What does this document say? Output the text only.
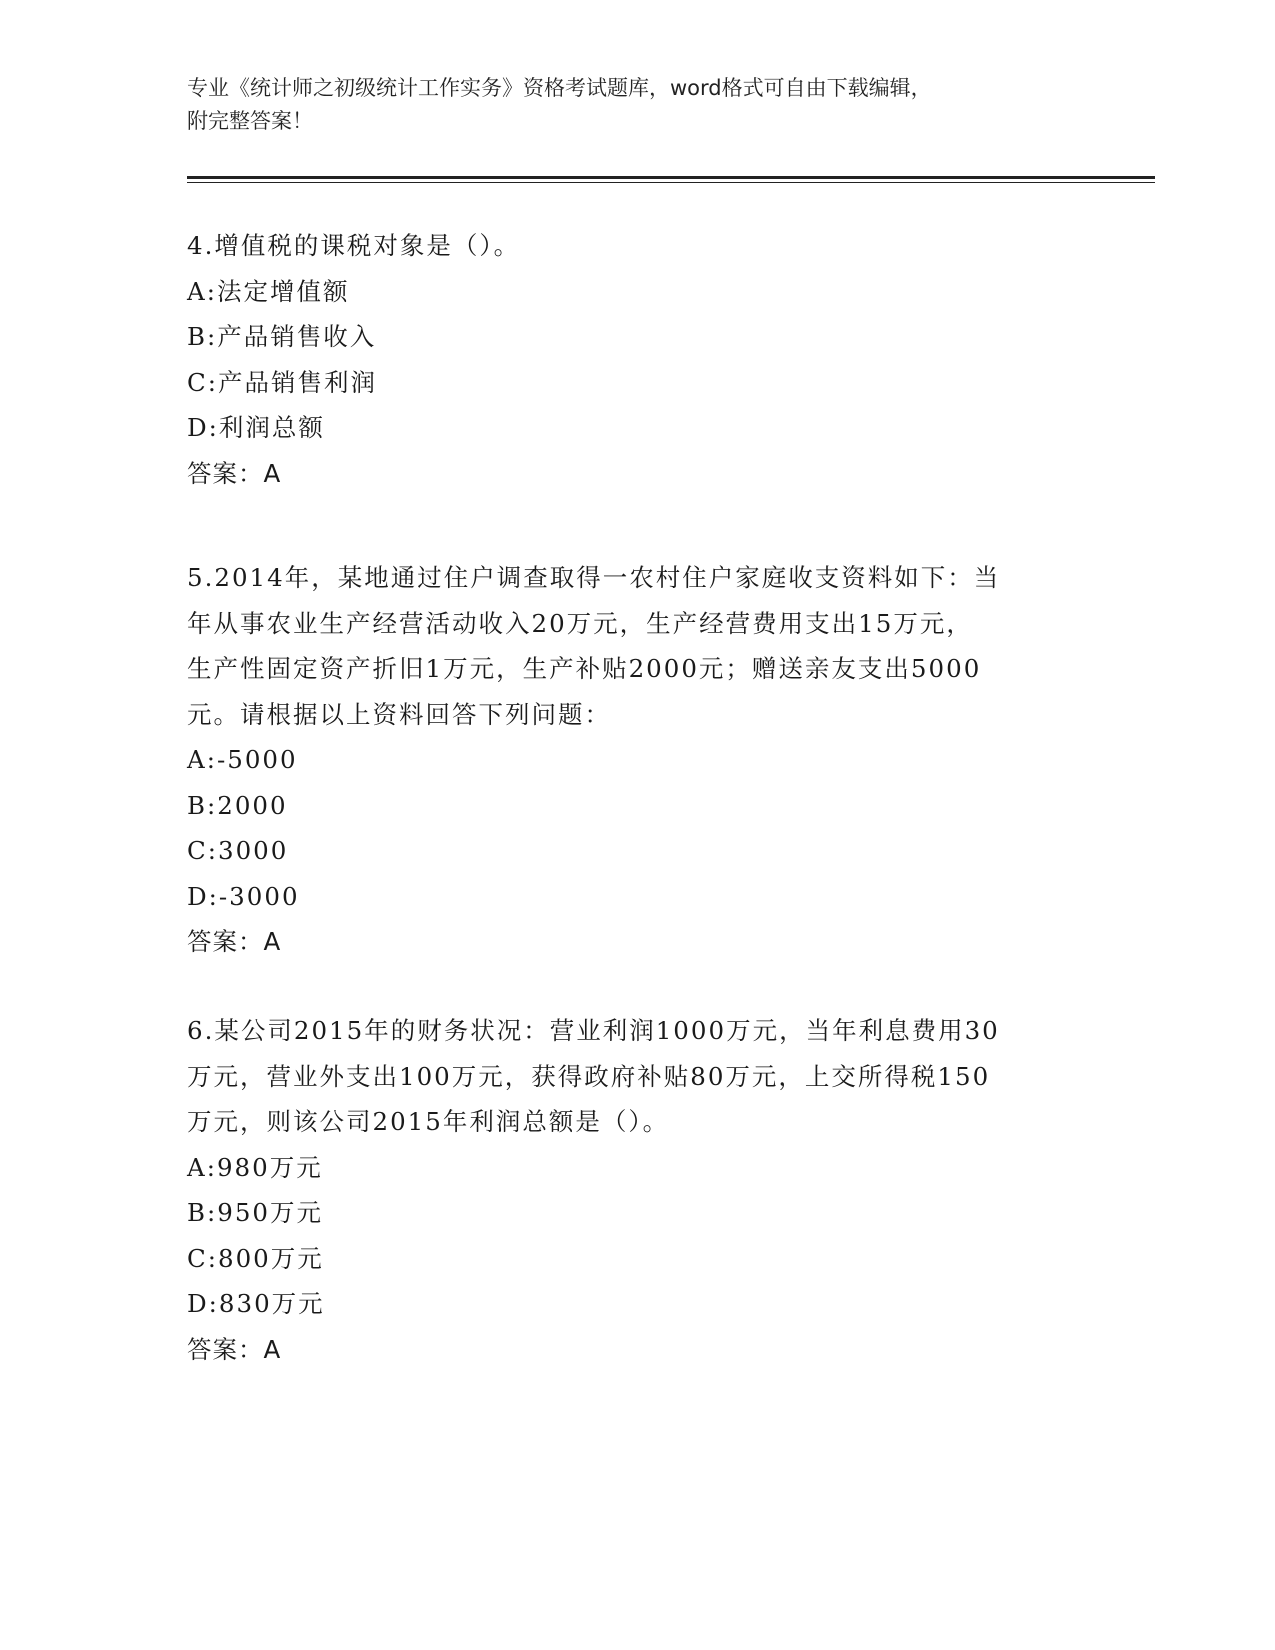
专业《统计师之初级统计工作实务》资格考试题库，word格式可自由下载编辑，
附完整答案！
4.增值税的课税对象是（）。
A:法定增值额
B:产品销售收入
C:产品销售利润
D:利润总额
答案：A
5.2014年，某地通过住户调查取得一农村住户家庭收支资料如下：当
年从事农业生产经营活动收入20万元，生产经营费用支出15万元，
生产性固定资产折旧1万元，生产补贴2000元；赠送亲友支出5000
元。请根据以上资料回答下列问题：
A:-5000
B:2000
C:3000
D:-3000
答案：A
6.某公司2015年的财务状况：营业利润1000万元，当年利息费用30
万元，营业外支出100万元，获得政府补贴80万元，上交所得税150
万元，则该公司2015年利润总额是（）。
A:980万元
B:950万元
C:800万元
D:830万元
答案：A
